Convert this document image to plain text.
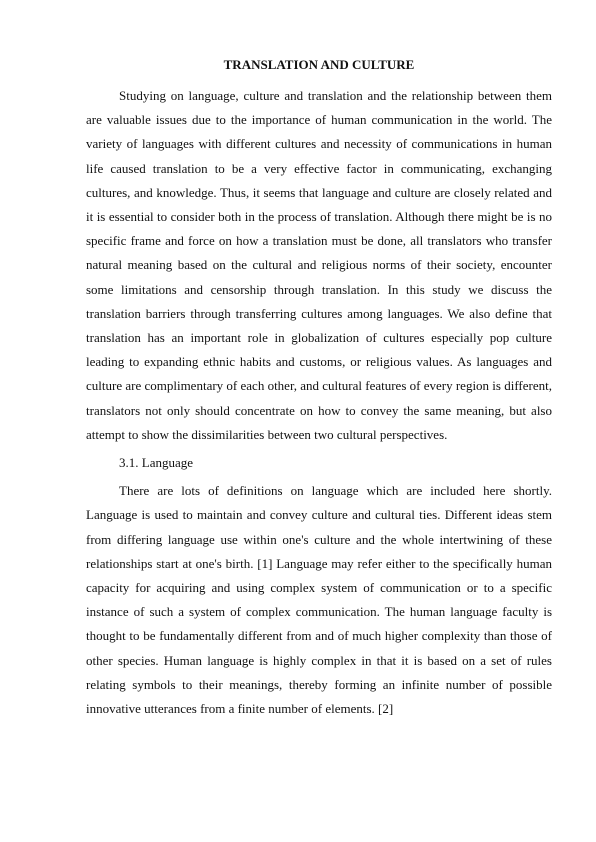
TRANSLATION AND CULTURE

Studying on language, culture and translation and the relationship between them are valuable issues due to the importance of human communication in the world. The variety of languages with different cultures and necessity of communications in human life caused translation to be a very effective factor in communicating, exchanging cultures, and knowledge. Thus, it seems that language and culture are closely related and it is essential to consider both in the process of translation. Although there might be is no specific frame and force on how a translation must be done, all translators who transfer natural meaning based on the cultural and religious norms of their society, encounter some limitations and censorship through translation. In this study we discuss the translation barriers through transferring cultures among languages. We also define that translation has an important role in globalization of cultures especially pop culture leading to expanding ethnic habits and customs, or religious values. As languages and culture are complimentary of each other, and cultural features of every region is different, translators not only should concentrate on how to convey the same meaning, but also attempt to show the dissimilarities between two cultural perspectives.

3.1. Language

There are lots of definitions on language which are included here shortly. Language is used to maintain and convey culture and cultural ties. Different ideas stem from differing language use within one's culture and the whole intertwining of these relationships start at one's birth. [1] Language may refer either to the specifically human capacity for acquiring and using complex system of communication or to a specific instance of such a system of complex communication. The human language faculty is thought to be fundamentally different from and of much higher complexity than those of other species. Human language is highly complex in that it is based on a set of rules relating symbols to their meanings, thereby forming an infinite number of possible innovative utterances from a finite number of elements. [2]
